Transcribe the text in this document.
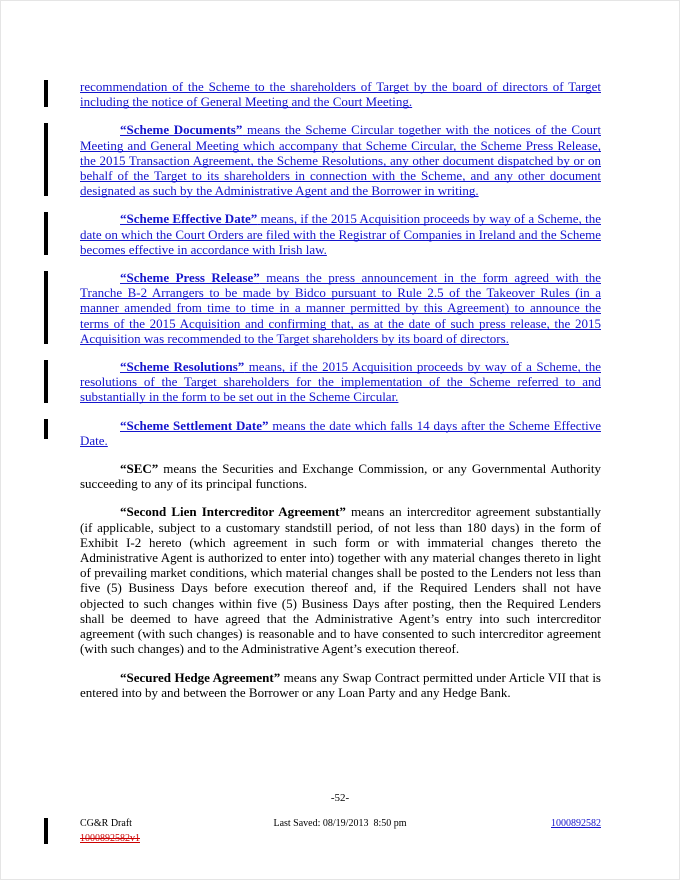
recommendation of the Scheme to the shareholders of Target by the board of directors of Target including the notice of General Meeting and the Court Meeting.

“Scheme Documents” means the Scheme Circular together with the notices of the Court Meeting and General Meeting which accompany that Scheme Circular, the Scheme Press Release, the 2015 Transaction Agreement, the Scheme Resolutions, any other document dispatched by or on behalf of the Target to its shareholders in connection with the Scheme, and any other document designated as such by the Administrative Agent and the Borrower in writing.

“Scheme Effective Date” means, if the 2015 Acquisition proceeds by way of a Scheme, the date on which the Court Orders are filed with the Registrar of Companies in Ireland and the Scheme becomes effective in accordance with Irish law.

“Scheme Press Release” means the press announcement in the form agreed with the Tranche B-2 Arrangers to be made by Bidco pursuant to Rule 2.5 of the Takeover Rules (in a manner amended from time to time in a manner permitted by this Agreement) to announce the terms of the 2015 Acquisition and confirming that, as at the date of such press release, the 2015 Acquisition was recommended to the Target shareholders by its board of directors.

“Scheme Resolutions” means, if the 2015 Acquisition proceeds by way of a Scheme, the resolutions of the Target shareholders for the implementation of the Scheme referred to and substantially in the form to be set out in the Scheme Circular.

“Scheme Settlement Date” means the date which falls 14 days after the Scheme Effective Date.

“SEC” means the Securities and Exchange Commission, or any Governmental Authority succeeding to any of its principal functions.

“Second Lien Intercreditor Agreement” means an intercreditor agreement substantially (if applicable, subject to a customary standstill period, of not less than 180 days) in the form of Exhibit I-2 hereto (which agreement in such form or with immaterial changes thereto the Administrative Agent is authorized to enter into) together with any material changes thereto in light of prevailing market conditions, which material changes shall be posted to the Lenders not less than five (5) Business Days before execution thereof and, if the Required Lenders shall not have objected to such changes within five (5) Business Days after posting, then the Required Lenders shall be deemed to have agreed that the Administrative Agent’s entry into such intercreditor agreement (with such changes) is reasonable and to have consented to such intercreditor agreement (with such changes) and to the Administrative Agent’s execution thereof.

“Secured Hedge Agreement” means any Swap Contract permitted under Article VII that is entered into by and between the Borrower or any Loan Party and any Hedge Bank.

-52-
CG&R Draft	Last Saved: 08/19/2013  8:50 pm	1000892582
1000892582v1
